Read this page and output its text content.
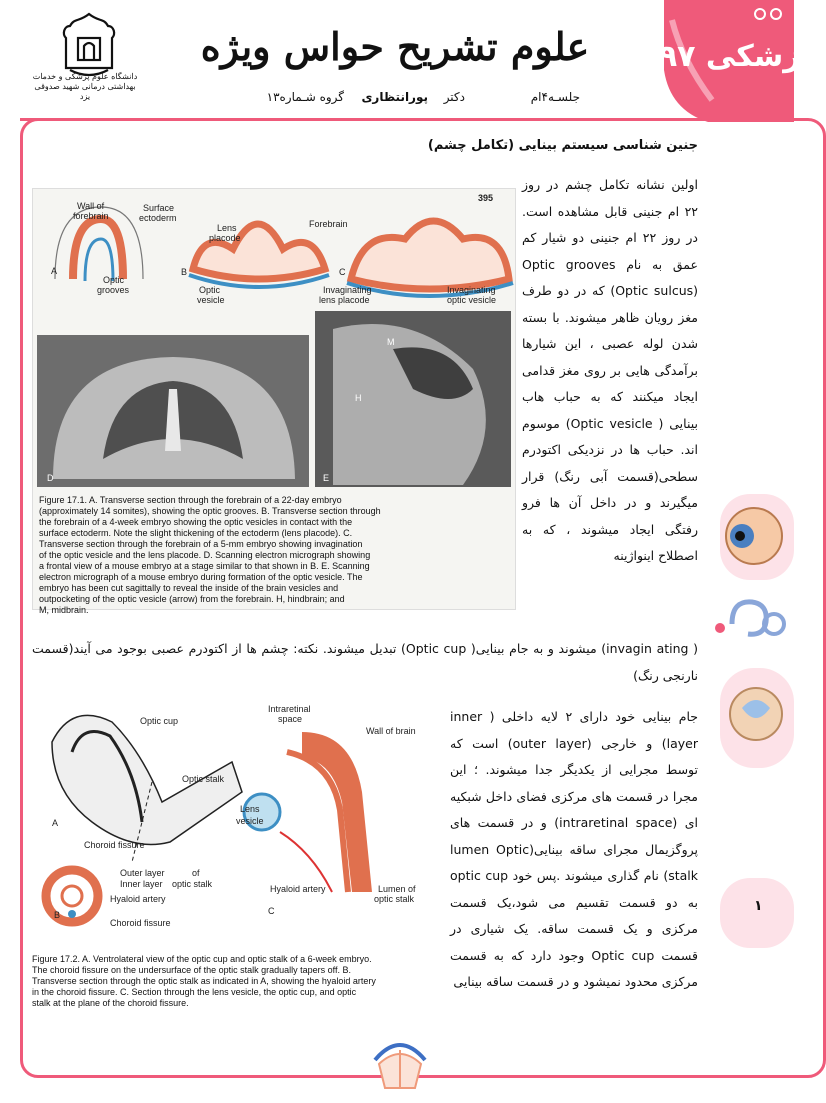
دانشگاه علوم پزشکی و خدمات بهداشتی درمانی شهید صدوقی یزد
علوم تشریح حواس ویژه
جلسـه۴ام
دکتر
پورانتظاری
گروه شـماره۱۳
پزشکی ۹۷
جنین شناسی سیستم بینایی (تکامل چشم)
اولین نشانه تکامل چشم در روز ۲۲ ام جنینی قابل مشاهده است. در روز ۲۲ ام جنینی دو شیار کم عمق به نام Optic grooves (Optic sulcus) که در دو طرف مغز رویان ظاهر میشوند. با بسته شدن لوله عصبی ، این شیارها برآمدگی هایی بر روی مغز قدامی ایجاد میکنند که به حباب هاب بینایی ( Optic vesicle) موسوم اند. حباب ها در نزدیکی اکتودرم سطحی(قسمت آبی رنگ) قرار میگیرند و در داخل آن ها فرو رفتگی ایجاد میشوند ، که به اصطلاح اینواژینه
( invagin ating) میشوند و به جام بینایی( Optic cup) تبدیل میشوند. نکته: چشم ها از اکتودرم عصبی بوجود می آیند(قسمت نارنجی رنگ)
395
Wall of
forebrain
Surface
ectoderm
A
Optic
grooves
Lens
placode
Forebrain
B
Optic
vesicle
C
Invaginating
lens placode
Invaginating
optic vesicle
D
M
H
E
Figure 17.1. A. Transverse section through the forebrain of a 22-day embryo
(approximately 14 somites), showing the optic grooves. B. Transverse section through
the forebrain of a 4-week embryo showing the optic vesicles in contact with the
surface ectoderm. Note the slight thickening of the ectoderm (lens placode). C.
Transverse section through the forebrain of a 5-mm embryo showing invagination
of the optic vesicle and the lens placode. D. Scanning electron micrograph showing
a frontal view of a mouse embryo at a stage similar to that shown in B. E. Scanning
electron micrograph of a mouse embryo during formation of the optic vesicle. The
embryo has been cut sagittally to reveal the inside of the brain vesicles and
outpocketing of the optic vesicle (arrow) from the forebrain. H, hindbrain; and
M, midbrain.
Optic cup
Optic stalk
Choroid fissure
A
Outer layer
Inner layer
of
optic stalk
Hyaloid artery
Choroid fissure
B
Intraretinal
space
Wall of brain
Lens
vesicle
Hyaloid artery	Lumen of
optic stalk
C
Figure 17.2. A. Ventrolateral view of the optic cup and optic stalk of a 6-week embryo.
The choroid fissure on the undersurface of the optic stalk gradually tapers off. B.
Transverse section through the optic stalk as indicated in A, showing the hyaloid artery
in the choroid fissure. C. Section through the lens vesicle, the optic cup, and optic
stalk at the plane of the choroid fissure.
جام بینایی خود دارای ۲ لایه داخلی ( inner layer) و خارجی (outer layer) است که توسط مجرایی از یکدیگر جدا میشوند. ؛ این مجرا در قسمت های مرکزی فضای داخل شبکیه ای (intraretinal space) و در قسمت های پروگزیمال مجرای ساقه بینایی(lumen Optic stalk) نام گذاری میشوند .پس خود optic cup به دو قسمت تقسیم می شود،یک قسمت مرکزی و یک قسمت ساقه. یک شیاری در قسمت Optic cup وجود دارد که به قسمت مرکزی محدود نمیشود و در قسمت ساقه بینایی
۱
